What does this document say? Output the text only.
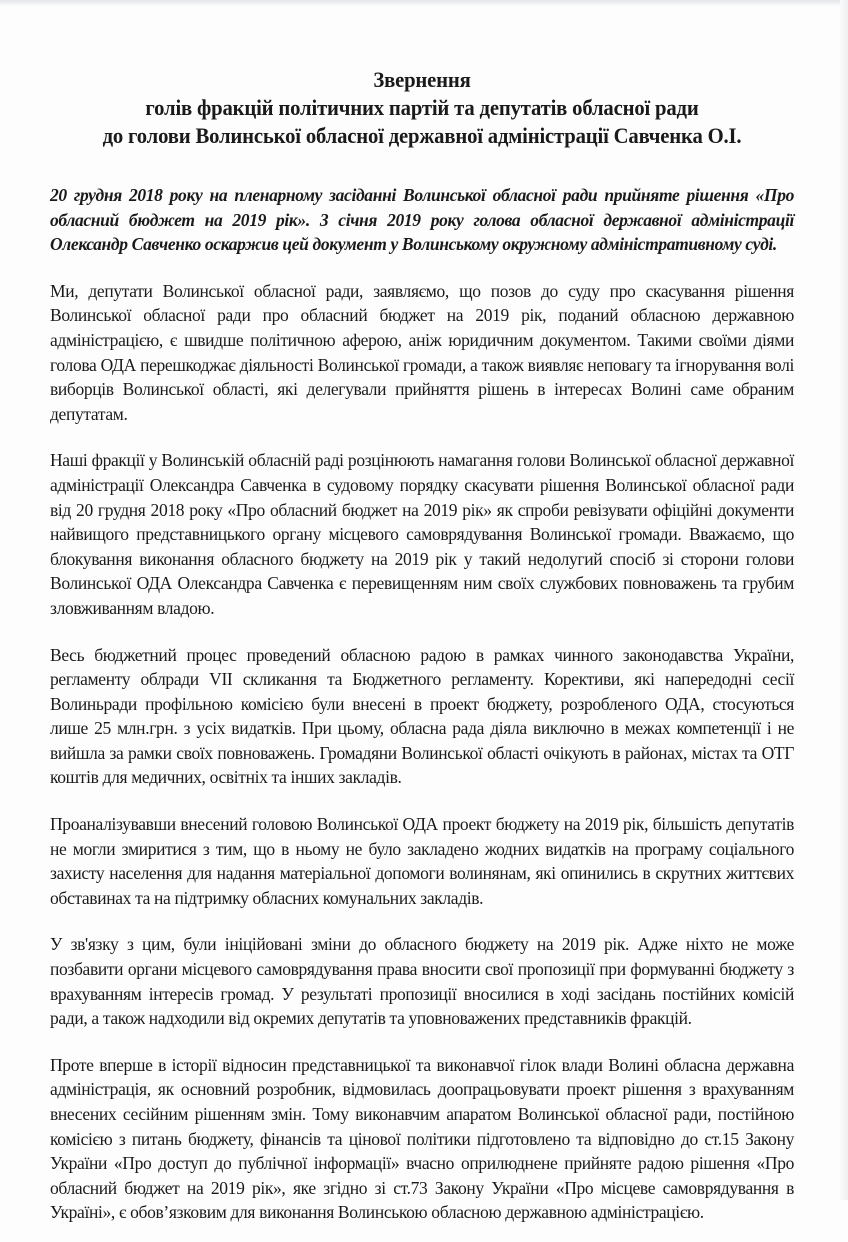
Звернення
голів фракцій політичних партій та депутатів обласної ради
до голови Волинської обласної державної адміністрації Савченка О.І.

20 грудня 2018 року на пленарному засіданні Волинської обласної ради прийняте рішення «Про обласний бюджет на 2019 рік». 3 січня 2019 року голова обласної державної адміністрації Олександр Савченко оскаржив цей документ у Волинському окружному адміністративному суді.

Ми, депутати Волинської обласної ради, заявляємо, що позов до суду про скасування рішення Волинської обласної ради про обласний бюджет на 2019 рік, поданий обласною державною адміністрацією, є швидше політичною аферою, аніж юридичним документом. Такими своїми діями голова ОДА перешкоджає діяльності Волинської громади, а також виявляє неповагу та ігнорування волі виборців Волинської області, які делегували прийняття рішень в інтересах Волині саме обраним депутатам.

Наші фракції у Волинській обласній раді розцінюють намагання голови Волинської обласної державної адміністрації Олександра Савченка в судовому порядку скасувати рішення Волинської обласної ради від 20 грудня 2018 року «Про обласний бюджет на 2019 рік» як спроби ревізувати офіційні документи найвищого представницького органу місцевого самоврядування Волинської громади. Вважаємо, що блокування виконання обласного бюджету на 2019 рік у такий недолугий спосіб зі сторони голови Волинської ОДА Олександра Савченка є перевищенням ним своїх службових повноважень та грубим зловживанням владою.

Весь бюджетний процес проведений обласною радою в рамках чинного законодавства України, регламенту облради VII скликання та Бюджетного регламенту. Корективи, які напередодні сесії Волиньради профільною комісією були внесені в проект бюджету, розробленого ОДА, стосуються лише 25 млн.грн. з усіх видатків. При цьому, обласна рада діяла виключно в межах компетенції і не вийшла за рамки своїх повноважень. Громадяни Волинської області очікують в районах, містах та ОТГ коштів для медичних, освітніх та інших закладів.

Проаналізувавши внесений головою Волинської ОДА проект бюджету на 2019 рік, більшість депутатів не могли змиритися з тим, що в ньому не було закладено жодних видатків на програму соціального захисту населення для надання матеріальної допомоги волинянам, які опинились в скрутних життєвих обставинах та на підтримку обласних комунальних закладів.

У зв'язку з цим, були ініційовані зміни до обласного бюджету на 2019 рік. Адже ніхто не може позбавити органи місцевого самоврядування права вносити свої пропозиції при формуванні бюджету з врахуванням інтересів громад. У результаті пропозиції вносилися в ході засідань постійних комісій ради, а також надходили від окремих депутатів та уповноважених представників фракцій.

Проте вперше в історії відносин представницької та виконавчої гілок влади Волині обласна державна адміністрація, як основний розробник, відмовилась доопрацьовувати проект рішення з врахуванням внесених сесійним рішенням змін. Тому виконавчим апаратом Волинської обласної ради, постійною комісією з питань бюджету, фінансів та цінової політики підготовлено та відповідно до ст.15 Закону України «Про доступ до публічної інформації» вчасно оприлюднене прийняте радою рішення «Про обласний бюджет на 2019 рік», яке згідно зі ст.73 Закону України «Про місцеве самоврядування в Україні», є обов’язковим для виконання Волинською обласною державною адміністрацією.
